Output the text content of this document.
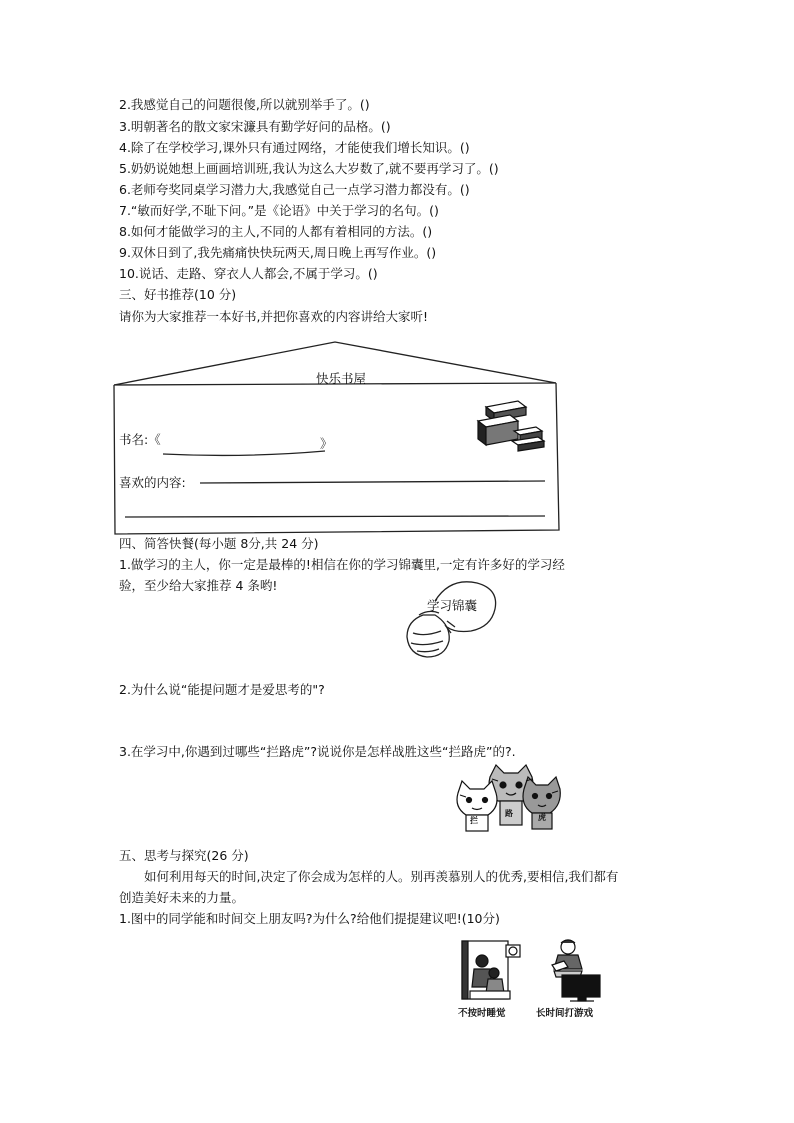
2.我感觉自己的问题很傻,所以就别举手了。()
3.明朝著名的散文家宋濂具有勤学好问的品格。()
4.除了在学校学习,课外只有通过网络，才能使我们增长知识。()
5.奶奶说她想上画画培训班,我认为这么大岁数了,就不要再学习了。()
6.老师夸奖同桌学习潜力大,我感觉自己一点学习潜力都没有。()
7.“敏而好学,不耻下问。”是《论语》中关于学习的名句。()
8.如何才能做学习的主人,不同的人都有着相同的方法。()
9.双休日到了,我先痛痛快快玩两天,周日晚上再写作业。()
10.说话、走路、穿衣人人都会,不属于学习。()
三、好书推荐(10 分)
请你为大家推荐一本好书,并把你喜欢的内容讲给大家听!
快乐书屋
书名:《	》
喜欢的内容:
四、简答快餐(每小题 8分,共 24 分)
1.做学习的主人，你一定是最棒的!相信在你的学习锦囊里,一定有许多好的学习经
验，至少给大家推荐 4 条哟!
学习锦囊
2.为什么说“能提问题才是爱思考的"?
3.在学习中,你遇到过哪些“拦路虎”?说说你是怎样战胜这些“拦路虎”的?.
拦
路	虎
五、思考与探究(26 分)
如何利用每天的时间,决定了你会成为怎样的人。别再羡慕别人的优秀,要相信,我们都有
创造美好未来的力量。
1.图中的同学能和时间交上朋友吗?为什么?给他们提提建议吧!(10分)
不按时睡觉	长时间打游戏
